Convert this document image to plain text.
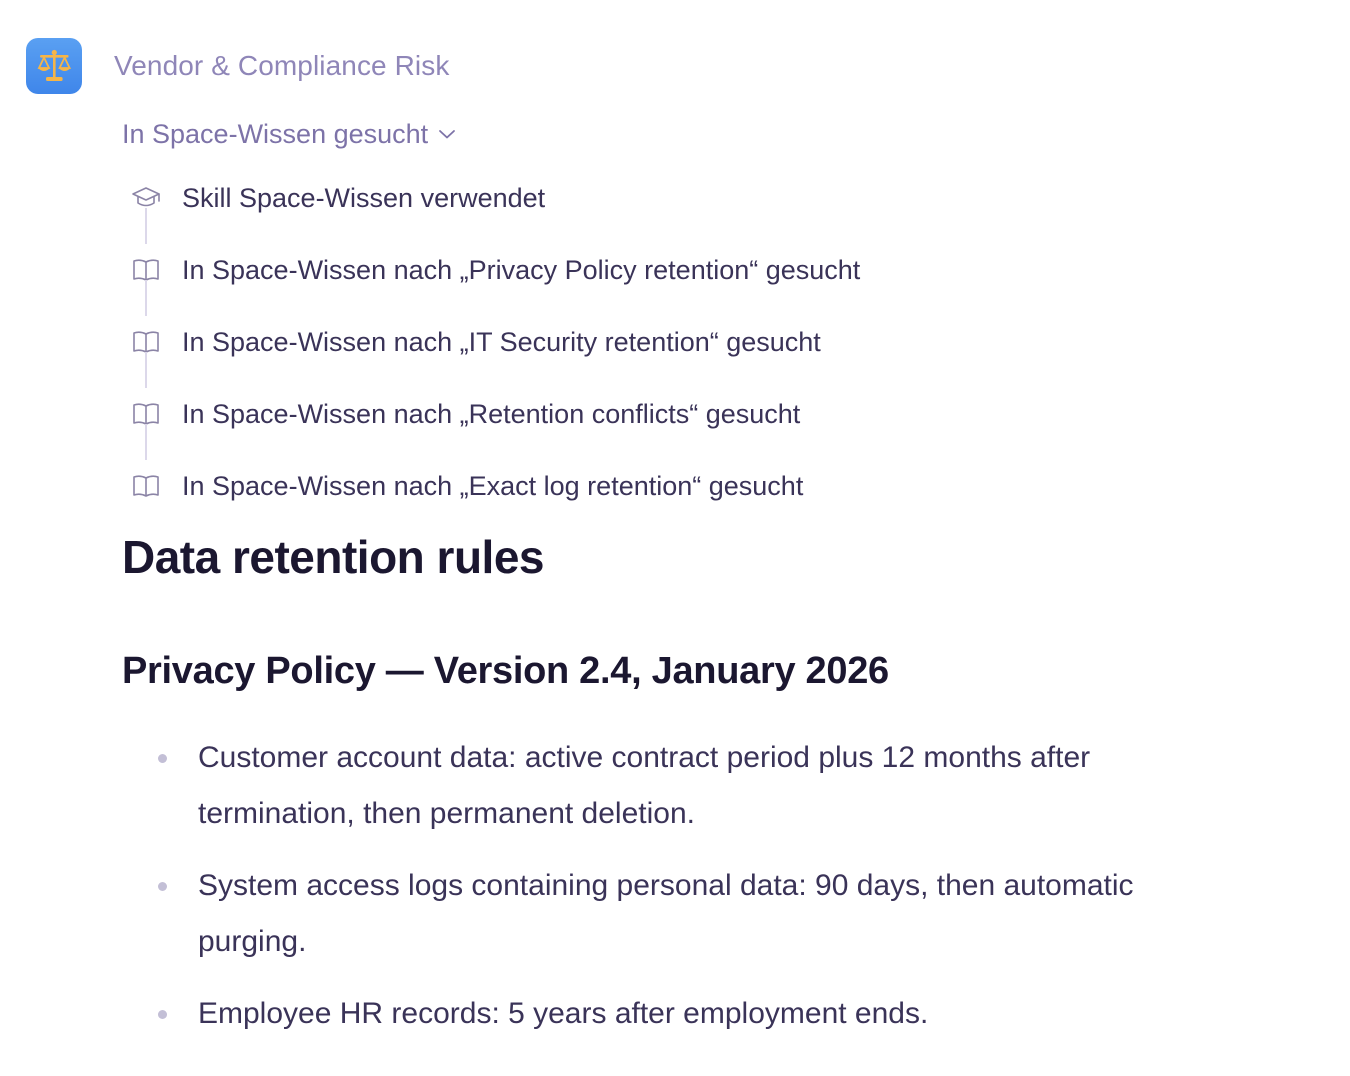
Vendor & Compliance Risk
In Space-Wissen gesucht
Skill Space-Wissen verwendet
In Space-Wissen nach „Privacy Policy retention“ gesucht
In Space-Wissen nach „IT Security retention“ gesucht
In Space-Wissen nach „Retention conflicts“ gesucht
In Space-Wissen nach „Exact log retention“ gesucht
Data retention rules
Privacy Policy — Version 2.4, January 2026
Customer account data: active contract period plus 12 months after termination, then permanent deletion.
System access logs containing personal data: 90 days, then automatic purging.
Employee HR records: 5 years after employment ends.
